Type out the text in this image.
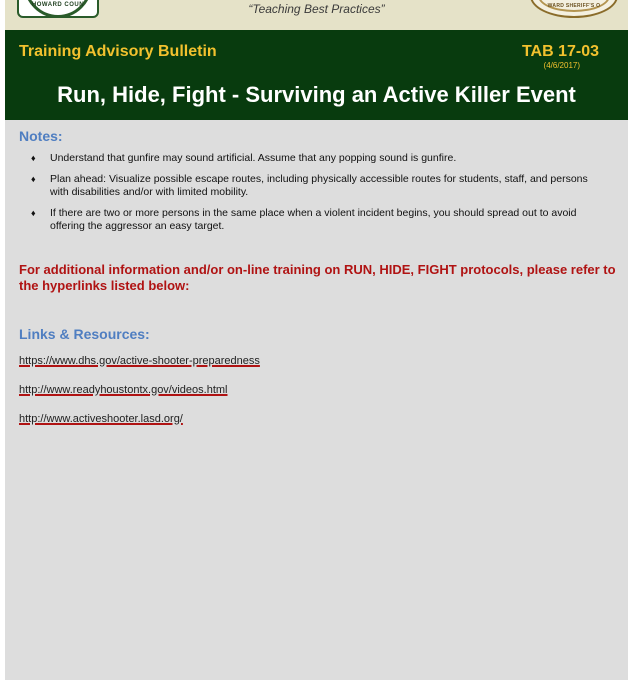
HOWARD COUN	“Teaching Best Practices”	WARD SHERIFF'S O
Training Advisory Bulletin	TAB 17-03
(4/6/2017)
Run, Hide, Fight - Surviving an Active Killer Event
Notes:
♦ Understand that gunfire may sound artificial. Assume that any popping sound is gunfire.
♦ Plan ahead: Visualize possible escape routes, including physically accessible routes for students, staff, and persons with disabilities and/or with limited mobility.
♦ If there are two or more persons in the same place when a violent incident begins, you should spread out to avoid offering the aggressor an easy target.
For additional information and/or on-line training on RUN, HIDE, FIGHT protocols, please refer to the hyperlinks listed below:
Links & Resources:
https://www.dhs.gov/active-shooter-preparedness
http://www.readyhoustontx.gov/videos.html
http://www.activeshooter.lasd.org/
